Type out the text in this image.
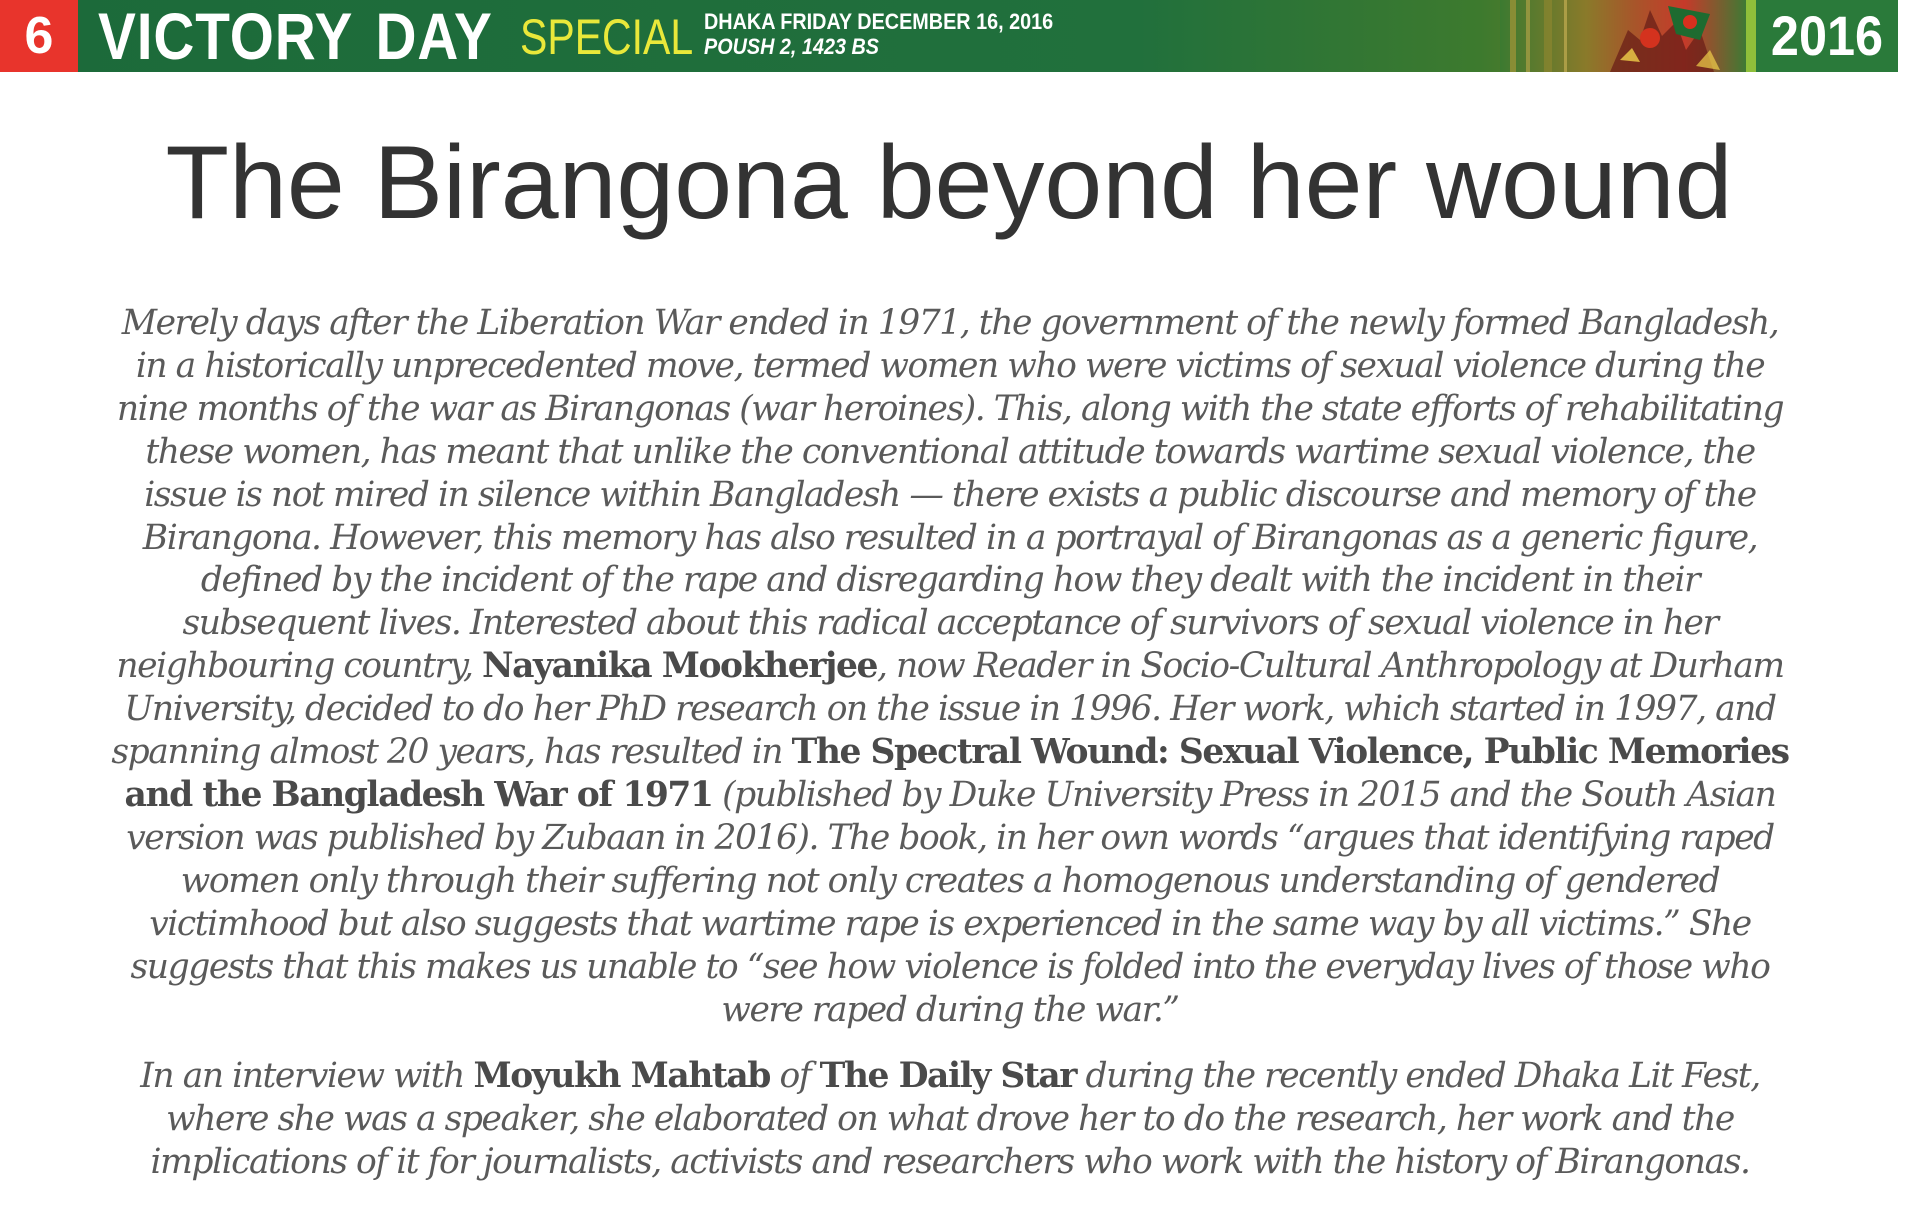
6 VICTORY DAY SPECIAL DHAKA FRIDAY DECEMBER 16, 2016
POUSH 2, 1423 BS	2016
The Birangona beyond her wound

Merely days after the Liberation War ended in 1971, the government of the newly formed Bangladesh,
in a historically unprecedented move, termed women who were victims of sexual violence during the
nine months of the war as Birangonas (war heroines). This, along with the state efforts of rehabilitating
these women, has meant that unlike the conventional attitude towards wartime sexual violence, the
issue is not mired in silence within Bangladesh — there exists a public discourse and memory of the
Birangona. However, this memory has also resulted in a portrayal of Birangonas as a generic figure,
defined by the incident of the rape and disregarding how they dealt with the incident in their
subsequent lives. Interested about this radical acceptance of survivors of sexual violence in her
neighbouring country, Nayanika Mookherjee, now Reader in Socio-Cultural Anthropology at Durham
University, decided to do her PhD research on the issue in 1996. Her work, which started in 1997, and
spanning almost 20 years, has resulted in The Spectral Wound: Sexual Violence, Public Memories
and the Bangladesh War of 1971 (published by Duke University Press in 2015 and the South Asian
version was published by Zubaan in 2016). The book, in her own words “argues that identifying raped
women only through their suffering not only creates a homogenous understanding of gendered
victimhood but also suggests that wartime rape is experienced in the same way by all victims.” She
suggests that this makes us unable to “see how violence is folded into the everyday lives of those who
were raped during the war.”

In an interview with Moyukh Mahtab of The Daily Star during the recently ended Dhaka Lit Fest,
where she was a speaker, she elaborated on what drove her to do the research, her work and the
implications of it for journalists, activists and researchers who work with the history of Birangonas.
